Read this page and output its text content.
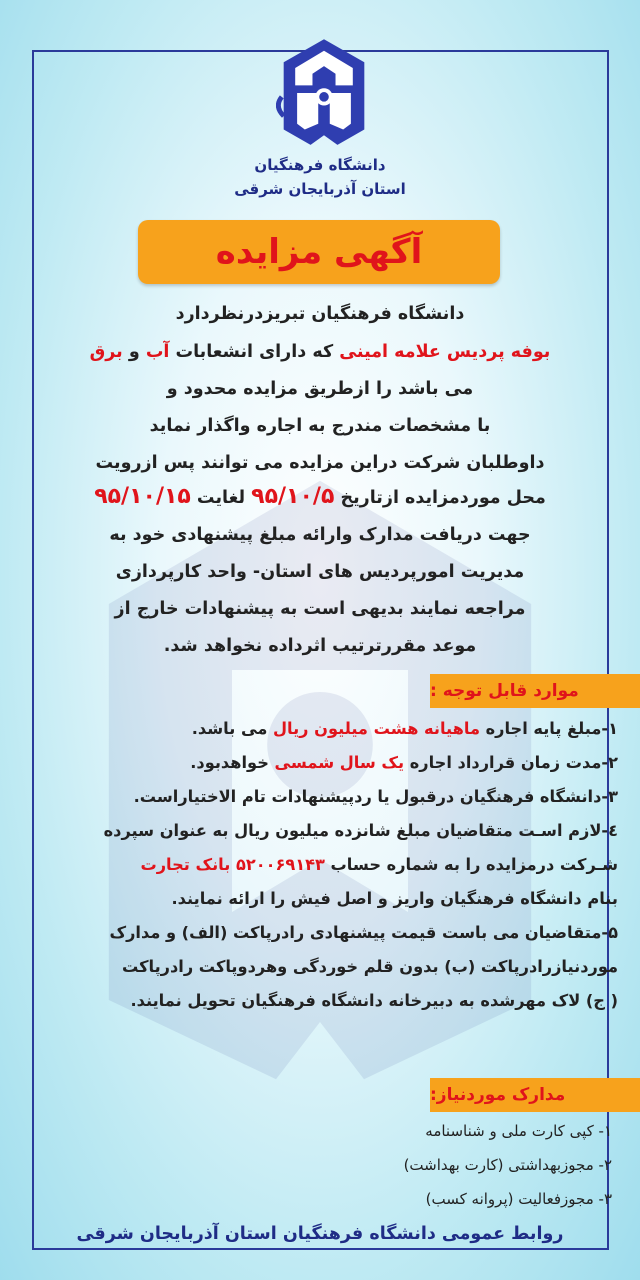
دانشگاه فرهنگیان
استان آذربایجان شرقی
آگهی مزایده
دانشگاه فرهنگیان تبریزدرنظردارد
بوفه پردیس علامه امینی که دارای انشعابات آب و برق
می باشد را ازطریق مزایده محدود و
با مشخصات مندرج به اجاره واگذار نماید
داوطلبان شرکت دراین مزایده می توانند پس ازرویت
محل موردمزایده ازتاریخ ۹۵/۱۰/۵ لغایت ۹۵/۱۰/۱۵
جهت دریافت مدارک وارائه مبلغ پیشنهادی خود به
مدیریت امورپردیس های استان- واحد کارپردازی
مراجعه نمایند بدیهی است به پیشنهادات خارج از
موعد مقررترتیب اثرداده نخواهد شد.
موارد قابل توجه :
۱-مبلغ پایه اجاره ماهیانه هشت میلیون ریال می باشد.
۲-مدت زمان قرارداد اجاره یک سال شمسی خواهدبود.
۳-دانشگاه فرهنگیان درقبول یا ردپیشنهادات تام الاختیاراست.
٤-لازم اسـت متقاضیان مبلغ شانزده میلیون ریال به عنوان سپرده
شـرکت درمزایده را به شماره حساب ۵۲۰۰۶۹۱۴۳ بانک تجارت
بنام دانشگاه فرهنگیان واریز و اصل فیش را ارائه نمایند.
۵-متقاضیان می باست قیمت پیشنهادی رادرپاکت (الف) و مدارک
موردنیازرادرپاکت (ب) بدون قلم خوردگی وهردوپاکت رادرپاکت
( ج) لاک مهرشده به دبیرخانه دانشگاه فرهنگیان تحویل نمایند.
مدارک موردنیاز:
۱- کپی کارت ملی و شناسنامه
۲- مجوزبهداشتی (کارت بهداشت)
۳- مجوزفعالیت (پروانه کسب)
روابط عمومی دانشگاه فرهنگیان استان آذربایجان شرقی
